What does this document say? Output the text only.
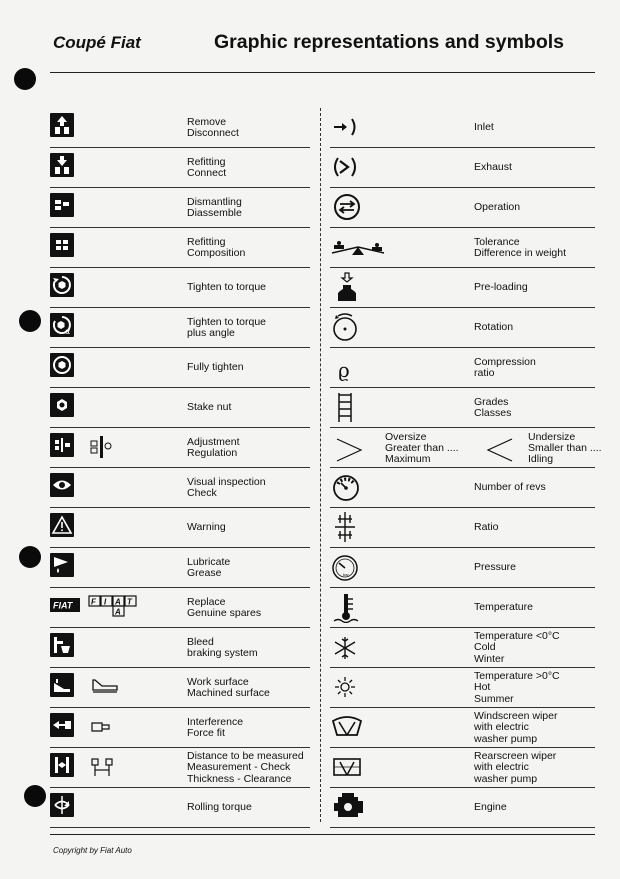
Coupé Fiat	Graphic representations and symbols
Remove
Disconnect
Refitting
Connect
Dismantling
Diassemble
Refitting
Composition
Tighten to torque
α
Tighten to torque
plus angle
Fully tighten
Stake nut
Adjustment
Regulation
Visual inspection
Check
Warning
Lubricate
Grease
FIAT F I A T
A
Replace
Genuine spares
Bleed
braking system
Work surface
Machined surface
Interference
Force fit
Distance to be measured
Measurement - Check
Thickness - Clearance
Rolling torque
Inlet
Exhaust
Operation
Tolerance
Difference in weight
Pre-loading
Rotation
ϱ	Compression
ratio
Grades
Classes
Oversize
Greater than ....
Maximum
Undersize
Smaller than ....
Idling
Number of revs
Ratio
bar
Pressure
Temperature
Temperature <0°C
Cold
Winter
Temperature >0°C
Hot
Summer
Windscreen wiper
with electric
washer pump
Rearscreen wiper
with electric
washer pump
Engine
Copyright by Fiat Auto
